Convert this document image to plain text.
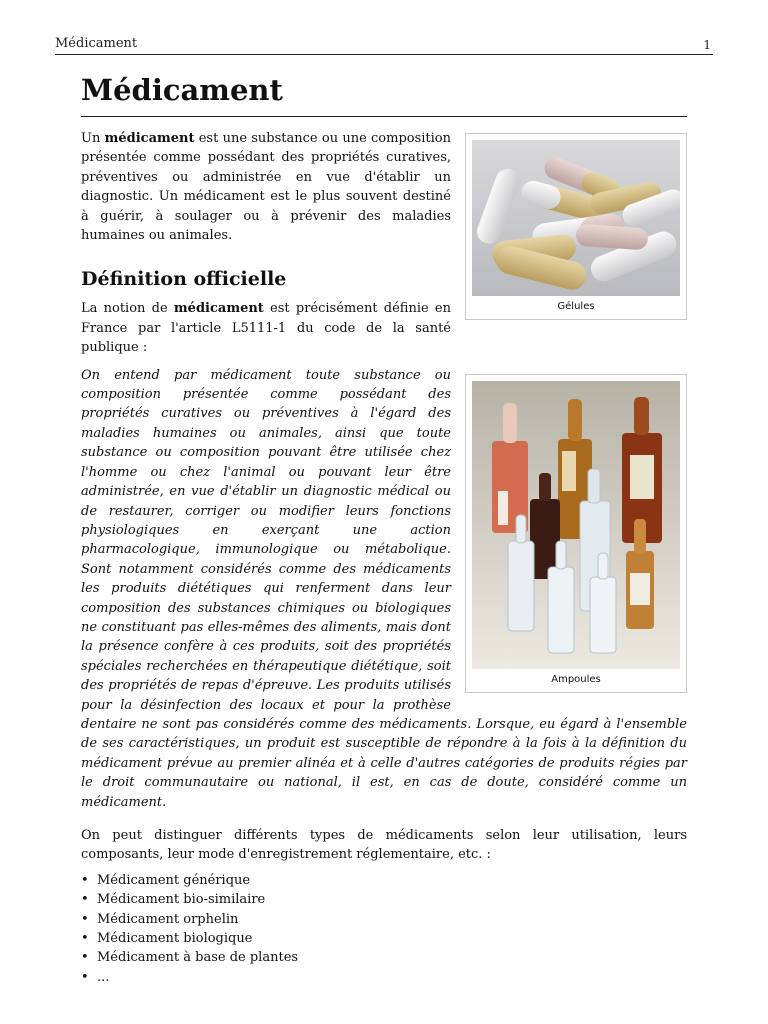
Médicament	1
Médicament
Gélules

Un médicament est une substance ou une composition présentée comme possédant des propriétés curatives, préventives ou administrée en vue d'établir un diagnostic. Un médicament est le plus souvent destiné à guérir, à soulager ou à prévenir des maladies humaines ou animales.

Définition officielle

La notion de médicament est précisément définie en France par l'article L5111-1 du code de la santé publique :

Ampoules

On entend par médicament toute substance ou composition présentée comme possédant des propriétés curatives ou préventives à l'égard des maladies humaines ou animales, ainsi que toute substance ou composition pouvant être utilisée chez l'homme ou chez l'animal ou pouvant leur être administrée, en vue d'établir un diagnostic médical ou de restaurer, corriger ou modifier leurs fonctions physiologiques en exerçant une action pharmacologique, immunologique ou métabolique. Sont notamment considérés comme des médicaments les produits diététiques qui renferment dans leur composition des substances chimiques ou biologiques ne constituant pas elles-mêmes des aliments, mais dont la présence confère à ces produits, soit des propriétés spéciales recherchées en thérapeutique diététique, soit des propriétés de repas d'épreuve. Les produits utilisés pour la désinfection des locaux et pour la prothèse dentaire ne sont pas considérés comme des médicaments. Lorsque, eu égard à l'ensemble de ses caractéristiques, un produit est susceptible de répondre à la fois à la définition du médicament prévue au premier alinéa et à celle d'autres catégories de produits régies par le droit communautaire ou national, il est, en cas de doute, considéré comme un médicament.

On peut distinguer différents types de médicaments selon leur utilisation, leurs composants, leur mode d'enregistrement réglementaire, etc. :

• Médicament générique
• Médicament bio-similaire
• Médicament orphelin
• Médicament biologique
• Médicament à base de plantes
• ...
